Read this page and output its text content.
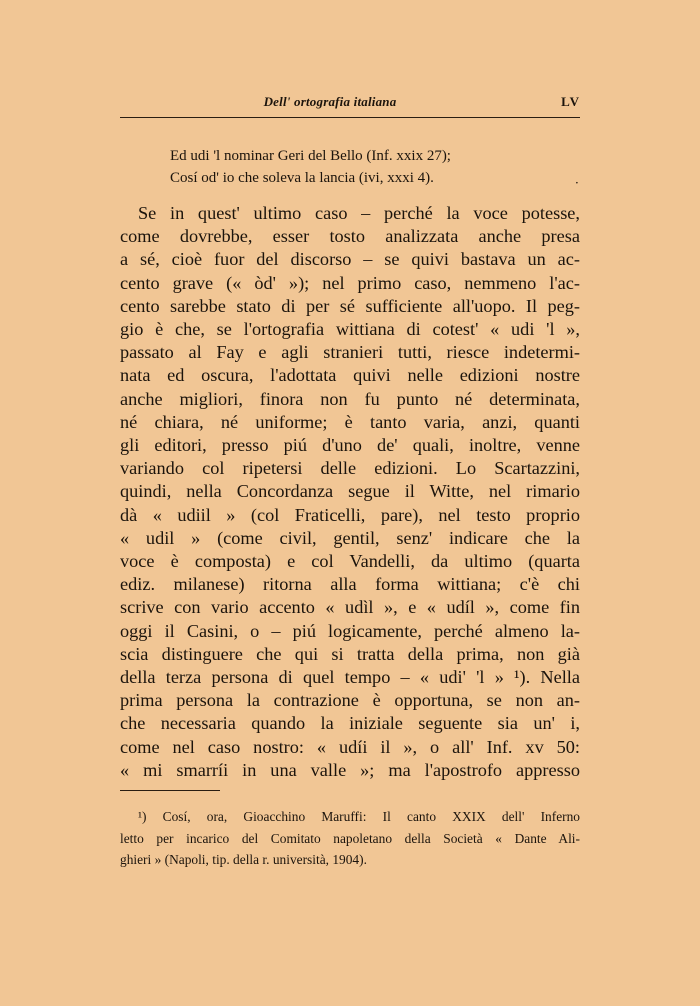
Dell' ortografia italiana	LV
Ed udi 'l nominar Geri del Bello (Inf. xxix 27);
Cosí od' io che soleva la lancia (ivi, xxxi 4).	·
Se in quest' ultimo caso – perché la voce potesse,
come dovrebbe, esser tosto analizzata anche presa
a sé, cioè fuor del discorso – se quivi bastava un ac-
cento grave (« òd' »); nel primo caso, nemmeno l'ac-
cento sarebbe stato di per sé sufficiente all'uopo. Il peg-
gio è che, se l'ortografia wittiana di cotest' « udi 'l »,
passato al Fay e agli stranieri tutti, riesce indetermi-
nata ed oscura, l'adottata quivi nelle edizioni nostre
anche migliori, finora non fu punto né determinata,
né chiara, né uniforme; è tanto varia, anzi, quanti
gli editori, presso piú d'uno de' quali, inoltre, venne
variando col ripetersi delle edizioni. Lo Scartazzini,
quindi, nella Concordanza segue il Witte, nel rimario
dà « udiil » (col Fraticelli, pare), nel testo proprio
« udil » (come civil, gentil, senz' indicare che la
voce è composta) e col Vandelli, da ultimo (quarta
ediz. milanese) ritorna alla forma wittiana; c'è chi
scrive con vario accento « udìl », e « udíl », come fin
oggi il Casini, o – piú logicamente, perché almeno la-
scia distinguere che qui si tratta della prima, non già
della terza persona di quel tempo – « udi' 'l » ¹). Nella
prima persona la contrazione è opportuna, se non an-
che necessaria quando la iniziale seguente sia un' i,
come nel caso nostro: « udíi il », o all' Inf. xv 50:
« mi smarríi in una valle »; ma l'apostrofo appresso
¹) Cosí, ora, Gioacchino Maruffi: Il canto XXIX dell' Inferno
letto per incarico del Comitato napoletano della Società « Dante Ali-
ghieri » (Napoli, tip. della r. università, 1904).
